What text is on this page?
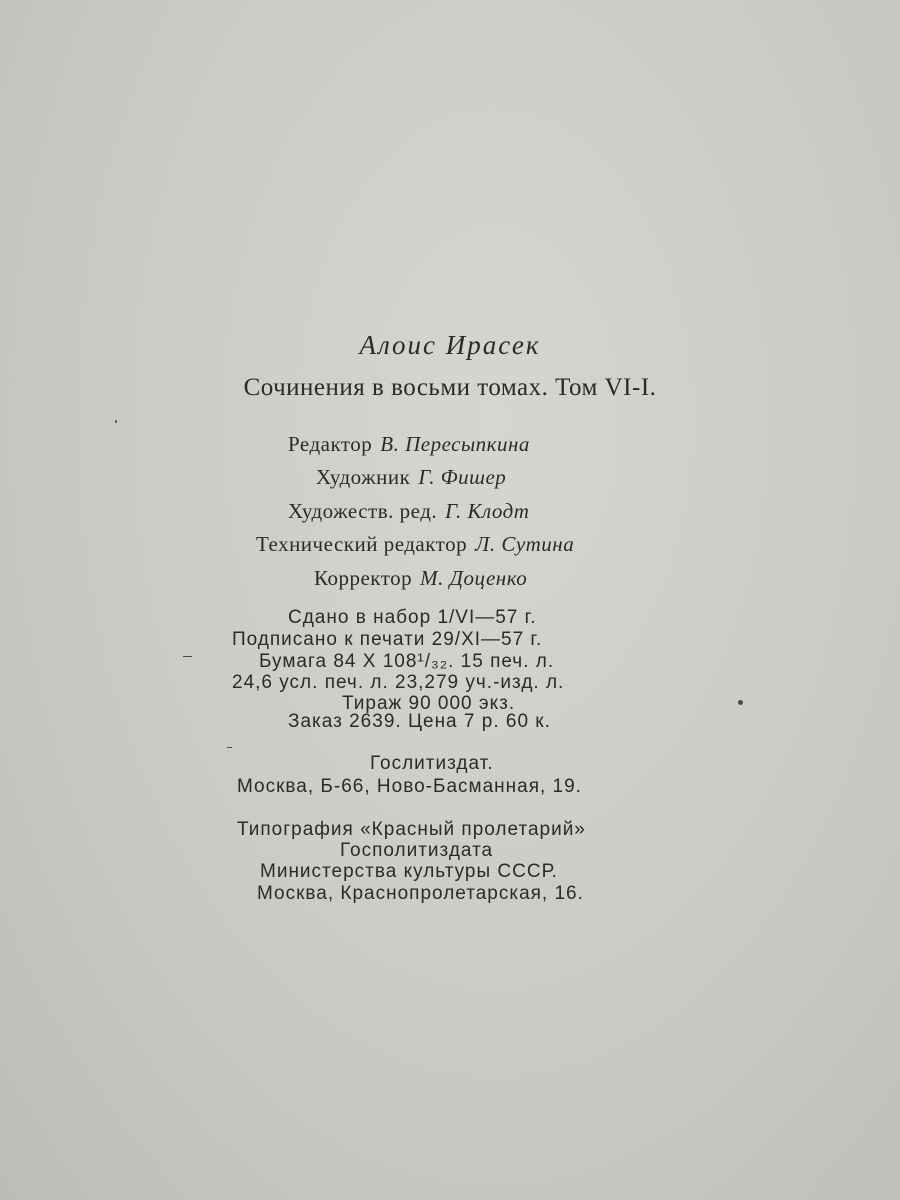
Алоис Ирасек
Сочинения в восьми томах. Том VI-I.
Редактор В. Пересыпкина
Художник Г. Фишер
Художеств. ред. Г. Клодт
Технический редактор Л. Сутина
Корректор М. Доценко
Сдано в набор 1/VI—57 г.
Подписано к печати 29/XI—57 г.
Бумага 84 X 108¹/₃₂. 15 печ. л.
24,6 усл. печ. л. 23,279 уч.-изд. л.
Тираж 90 000 экз.
Заказ 2639. Цена 7 р. 60 к.
Гослитиздат.
Москва, Б-66, Ново-Басманная, 19.
Типография «Красный пролетарий»
Госполитиздата
Министерства культуры СССР.
Москва, Краснопролетарская, 16.
